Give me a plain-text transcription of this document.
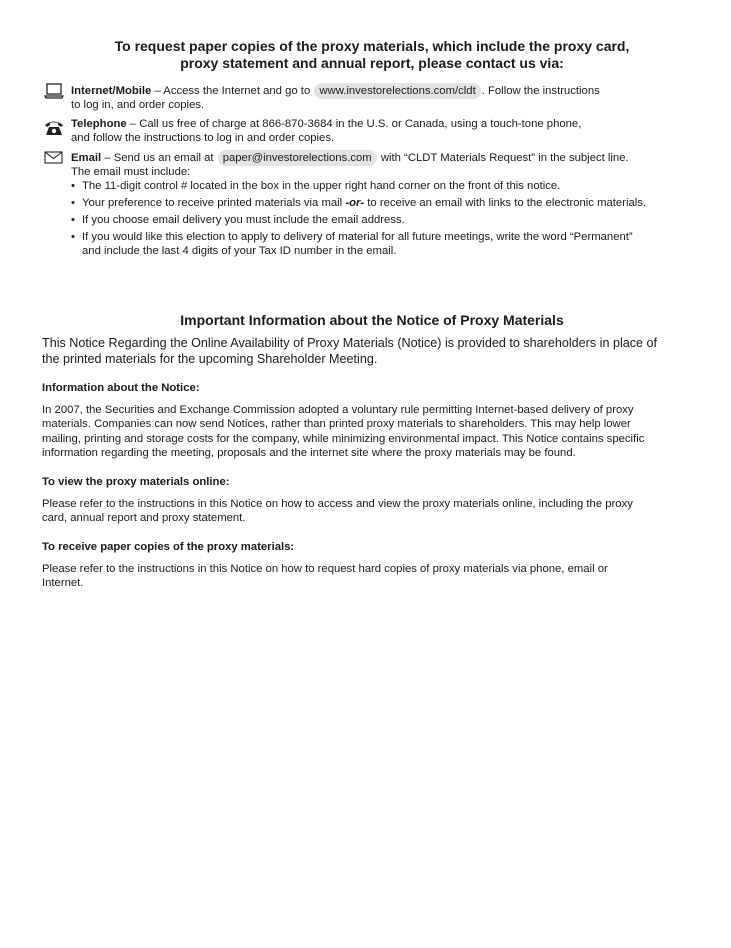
To request paper copies of the proxy materials, which include the proxy card,
proxy statement and annual report, please contact us via:
Internet/Mobile – Access the Internet and go to www.investorelections.com/cldt . Follow the instructions
to log in, and order copies.
Telephone – Call us free of charge at 866-870-3684 in the U.S. or Canada, using a touch-tone phone,
and follow the instructions to log in and order copies.
Email – Send us an email at paper@investorelections.com with “CLDT Materials Request” in the subject line.
The email must include:
• The 11-digit control # located in the box in the upper right hand corner on the front of this notice.
• Your preference to receive printed materials via mail -or- to receive an email with links to the electronic materials.
• If you choose email delivery you must include the email address.
• If you would like this election to apply to delivery of material for all future meetings, write the word “Permanent”
and include the last 4 digits of your Tax ID number in the email.
Important Information about the Notice of Proxy Materials
This Notice Regarding the Online Availability of Proxy Materials (Notice) is provided to shareholders in place of
the printed materials for the upcoming Shareholder Meeting.
Information about the Notice:
In 2007, the Securities and Exchange Commission adopted a voluntary rule permitting Internet-based delivery of proxy
materials. Companies can now send Notices, rather than printed proxy materials to shareholders. This may help lower
mailing, printing and storage costs for the company, while minimizing environmental impact. This Notice contains specific
information regarding the meeting, proposals and the internet site where the proxy materials may be found.
To view the proxy materials online:
Please refer to the instructions in this Notice on how to access and view the proxy materials online, including the proxy
card, annual report and proxy statement.
To receive paper copies of the proxy materials:
Please refer to the instructions in this Notice on how to request hard copies of proxy materials via phone, email or
Internet.
